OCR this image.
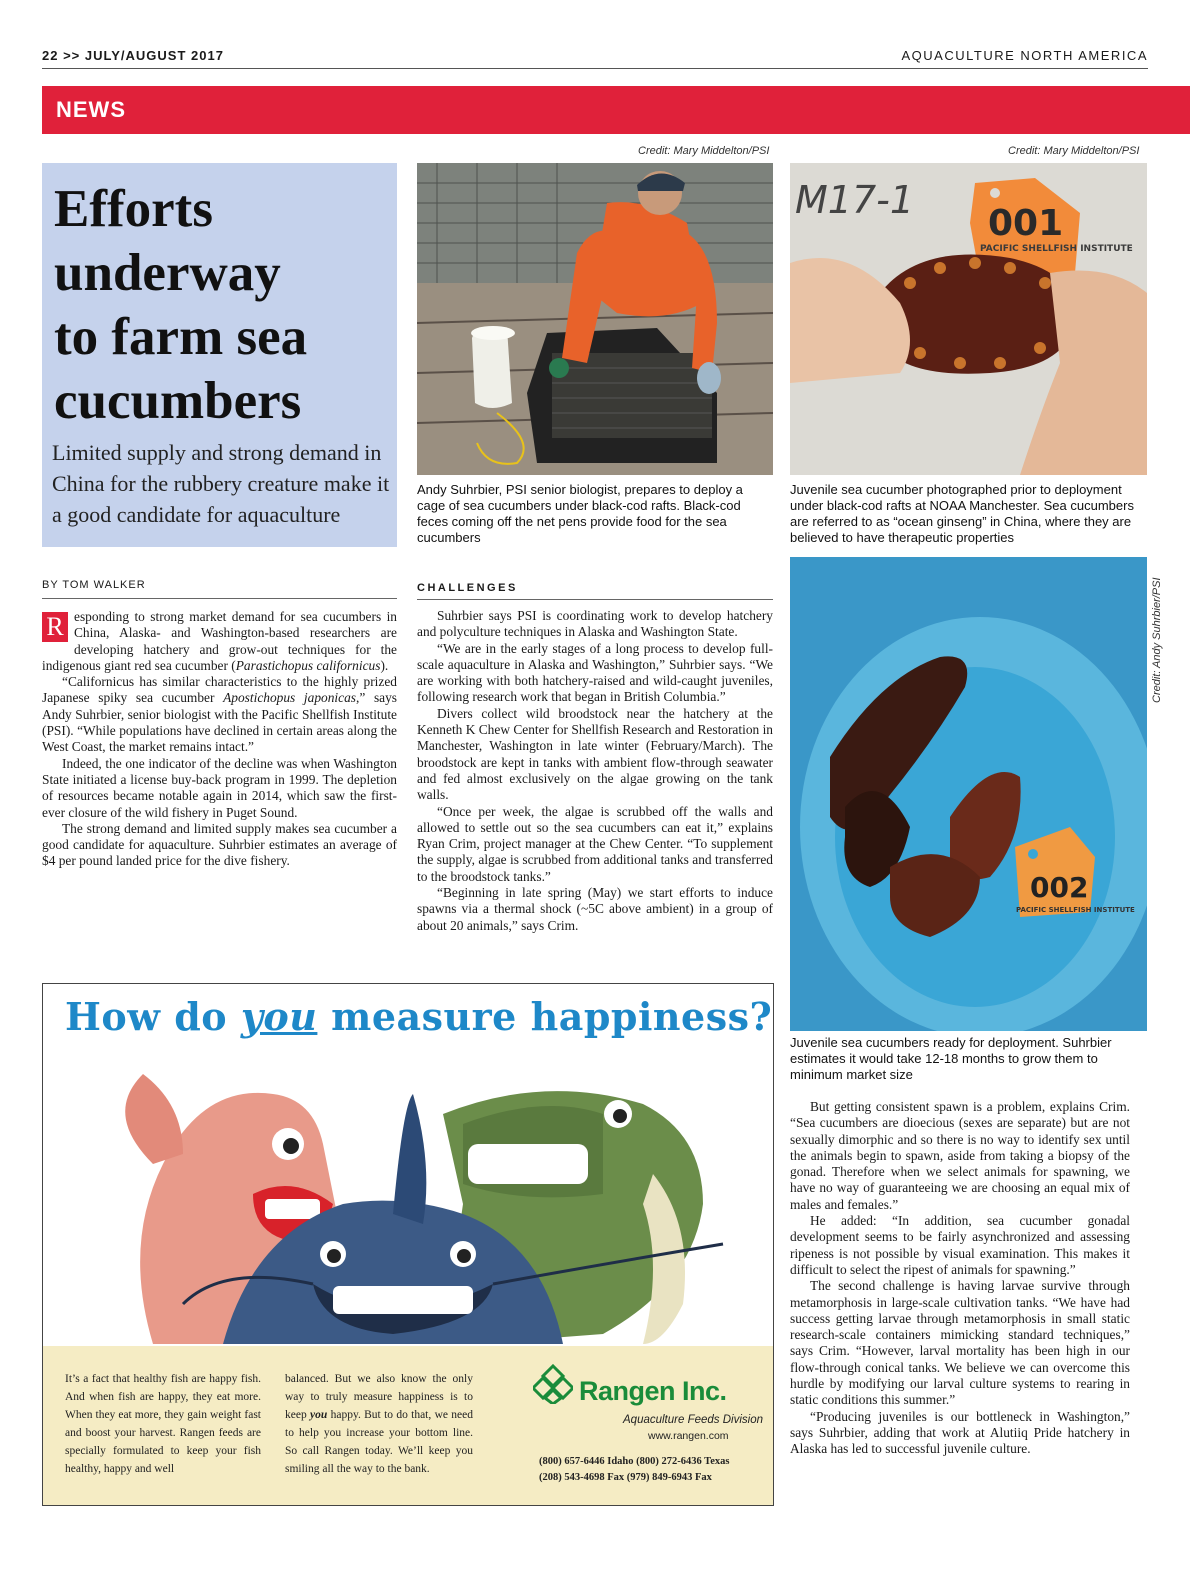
22 >> JULY/AUGUST 2017	AQUACULTURE NORTH AMERICA
NEWS
Efforts
underway
to farm sea
cucumbers
Limited supply and strong demand in China for the rubbery creature make it a good candidate for aquaculture
Credit: Mary Middelton/PSI
Andy Suhrbier, PSI senior biologist, prepares to deploy a cage of sea cucumbers under black-cod rafts. Black-cod feces coming off the net pens provide food for the sea cucumbers
Credit: Mary Middelton/PSI
M17-1
001
PACIFIC SHELLFISH INSTITUTE
Juvenile sea cucumber photographed prior to deployment under black-cod rafts at NOAA Manchester. Sea cucumbers are referred to as “ocean ginseng” in China, where they are believed to have therapeutic properties
002
PACIFIC SHELLFISH INSTITUTE
Credit: Andy Suhrbier/PSI
Juvenile sea cucumbers ready for deployment. Suhrbier estimates it would take 12-18 months to grow them to minimum market size
BY TOM WALKER	CHALLENGES

R esponding to strong market demand for sea cucumbers in China, Alaska- and Washington-based researchers are developing hatchery and grow-out techniques for the indigenous giant red sea cucumber (Parastichopus californicus).

“Californicus has similar characteristics to the highly prized Japanese spiky sea cucumber Apostichopus japonicas,” says Andy Suhrbier, senior biologist with the Pacific Shellfish Institute (PSI). “While populations have declined in certain areas along the West Coast, the market remains intact.”

Indeed, the one indicator of the decline was when Washington State initiated a license buy-back program in 1999. The depletion of resources became notable again in 2014, which saw the first-ever closure of the wild fishery in Puget Sound.

The strong demand and limited supply makes sea cucumber a good candidate for aquaculture. Suhrbier estimates an average of $4 per pound landed price for the dive fishery.

Suhrbier says PSI is coordinating work to develop hatchery and polyculture techniques in Alaska and Washington State.

“We are in the early stages of a long process to develop full-scale aquaculture in Alaska and Washington,” Suhrbier says. “We are working with both hatchery-raised and wild-caught juveniles, following research work that began in British Columbia.”

Divers collect wild broodstock near the hatchery at the Kenneth K Chew Center for Shellfish Research and Restoration in Manchester, Washington in late winter (February/March). The broodstock are kept in tanks with ambient flow-through seawater and fed almost exclusively on the algae growing on the tank walls.

“Once per week, the algae is scrubbed off the walls and allowed to settle out so the sea cucumbers can eat it,” explains Ryan Crim, project manager at the Chew Center. “To supplement the supply, algae is scrubbed from additional tanks and transferred to the broodstock tanks.”

“Beginning in late spring (May) we start efforts to induce spawns via a thermal shock (~5C above ambient) in a group of about 20 animals,” says Crim.

But getting consistent spawn is a problem, explains Crim. “Sea cucumbers are dioecious (sexes are separate) but are not sexually dimorphic and so there is no way to identify sex until the animals begin to spawn, aside from taking a biopsy of the gonad. Therefore when we select animals for spawning, we have no way of guaranteeing we are choosing an equal mix of males and females.”

He added: “In addition, sea cucumber gonadal development seems to be fairly asynchronized and assessing ripeness is not possible by visual examination. This makes it difficult to select the ripest of animals for spawning.”

The second challenge is having larvae survive through metamorphosis in large-scale cultivation tanks. “We have had success getting larvae through metamorphosis in small static research-scale containers mimicking standard techniques,” says Crim. “However, larval mortality has been high in our flow-through conical tanks. We believe we can overcome this hurdle by modifying our larval culture systems to rearing in static conditions this summer.”

“Producing juveniles is our bottleneck in Washington,” says Suhrbier, adding that work at Alutiiq Pride hatchery in Alaska has led to successful juvenile culture.

How do you measure happiness?
It’s a fact that healthy fish are happy fish. And when fish are happy, they eat more. When they eat more, they gain weight fast and boost your harvest. Rangen feeds are specially formulated to keep your fish healthy, happy and well
balanced. But we also know the only way to truly measure happiness is to keep you happy. But to do that, we need to help you increase your bottom line. So call Rangen today. We’ll keep you smiling all the way to the bank.
Rangen Inc.
Aquaculture Feeds Division
www.rangen.com
(800) 657-6446 Idaho (800) 272-6436 Texas
(208) 543-4698 Fax (979) 849-6943 Fax
